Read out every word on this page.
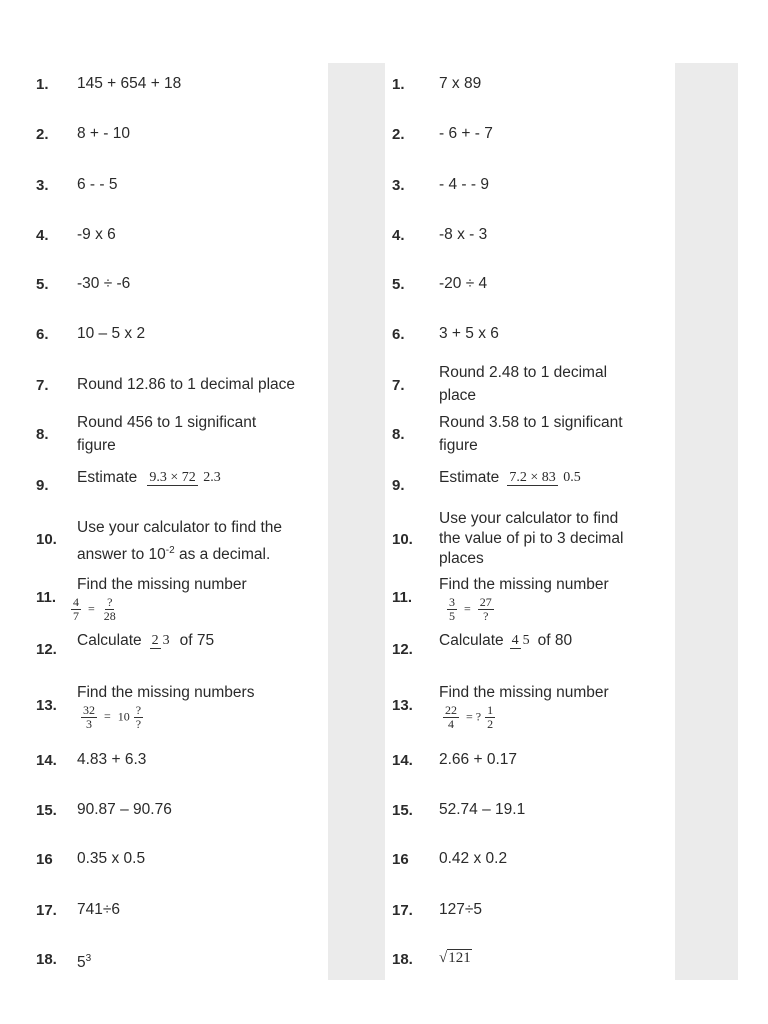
1. 145 + 654 + 18
2. 8 + - 10
3. 6 - - 5
4. -9 x 6
5. -30 ÷ -6
6. 10 – 5 x 2
7. Round 12.86 to 1 decimal place
8.
Round 456 to 1 significant
figure
9. Estimate 9.3 × 72 2.3
10.
Use your calculator to find the
answer to $10^{-2}$ as a decimal.
11.
Find the missing number
$\frac{4}{7} = \frac{?}{28}$
12.
Calculate 2 3 of 75
13.
Find the missing numbers
$\frac{32}{3} = 10 \frac{?}{?}$
14. 4.83 + 6.3
15. 90.87 – 90.76
16 0.35 x 0.5
17. 741÷6
18. $5^3$
1. 7 x 89
2. - 6 + - 7
3. - 4 - - 9
4. -8 x - 3
5. -20 ÷ 4
6. 3 + 5 x 6
7.
Round 2.48 to 1 decimal
place
8.
Round 3.58 to 1 significant
figure
9. Estimate 7.2 × 83 0.5
10.
Use your calculator to find
the value of pi to 3 decimal
places
11.
Find the missing number
$\frac{3}{5} = \frac{27}{?}$
12.
Calculate 4 5 of 80
13.
Find the missing number
$\frac{22}{4}$ = ? $\frac{1}{2}$
14. 2.66 + 0.17
15. 52.74 – 19.1
16 0.42 x 0.2
17. 127÷5
18. √121
